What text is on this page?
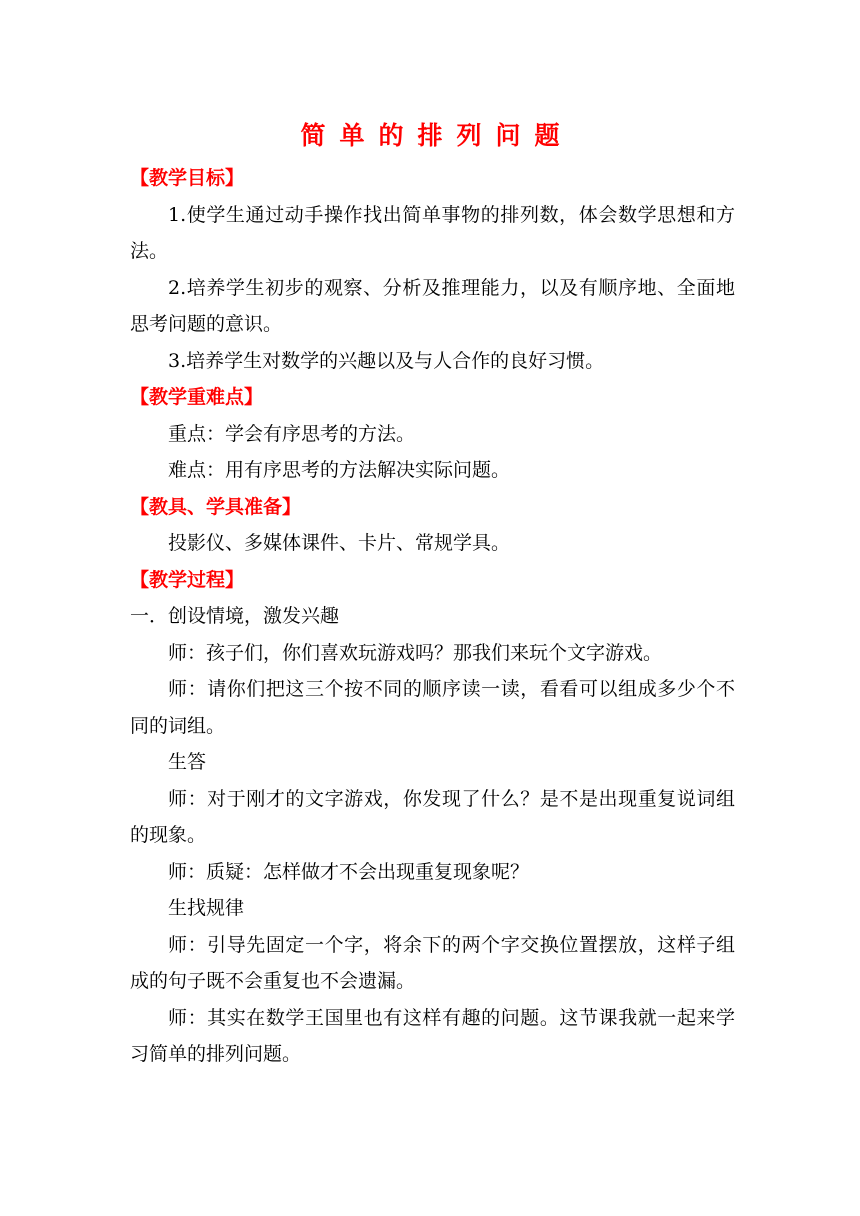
简单的排列问题

【教学目标】

1.使学生通过动手操作找出简单事物的排列数，体会数学思想和方法。

2.培养学生初步的观察、分析及推理能力，以及有顺序地、全面地思考问题的意识。

3.培养学生对数学的兴趣以及与人合作的良好习惯。

【教学重难点】

重点：学会有序思考的方法。

难点：用有序思考的方法解决实际问题。

【教具、学具准备】

投影仪、多媒体课件、卡片、常规学具。

【教学过程】

一．创设情境，激发兴趣

师：孩子们，你们喜欢玩游戏吗？那我们来玩个文字游戏。

师：请你们把这三个按不同的顺序读一读，看看可以组成多少个不同的词组。

生答

师：对于刚才的文字游戏，你发现了什么？是不是出现重复说词组的现象。

师：质疑：怎样做才不会出现重复现象呢？

生找规律

师：引导先固定一个字，将余下的两个字交换位置摆放，这样子组成的句子既不会重复也不会遗漏。

师：其实在数学王国里也有这样有趣的问题。这节课我就一起来学习简单的排列问题。
